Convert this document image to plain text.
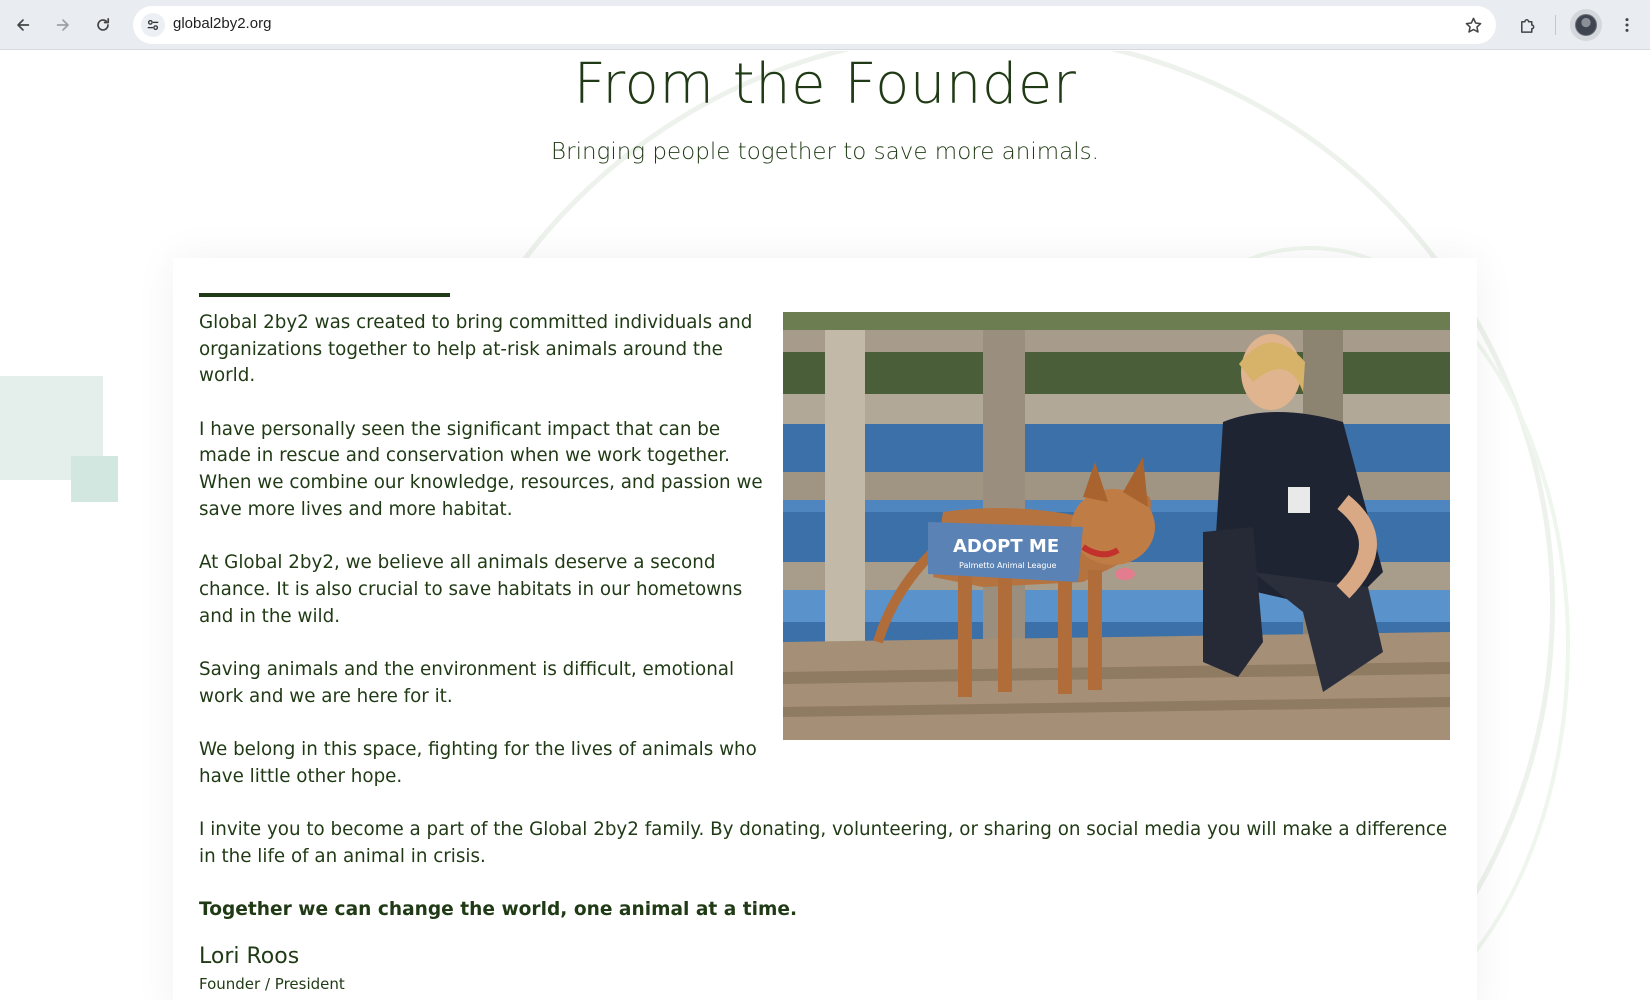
global2by2.org
From the Founder
Bringing people together to save more animals.
ADOPT ME
Palmetto Animal League

Global 2by2 was created to bring committed individuals and organizations together to help at-risk animals around the world.

I have personally seen the significant impact that can be made in rescue and conservation when we work together. When we combine our knowledge, resources, and passion we save more lives and more habitat.

At Global 2by2, we believe all animals deserve a second chance. It is also crucial to save habitats in our hometowns and in the wild.

Saving animals and the environment is difficult, emotional work and we are here for it.

We belong in this space, fighting for the lives of animals who have little other hope.

I invite you to become a part of the Global 2by2 family. By donating, volunteering, or sharing on social media you will make a difference in the life of an animal in crisis.

Together we can change the world, one animal at a time.

Lori Roos
Founder / President
